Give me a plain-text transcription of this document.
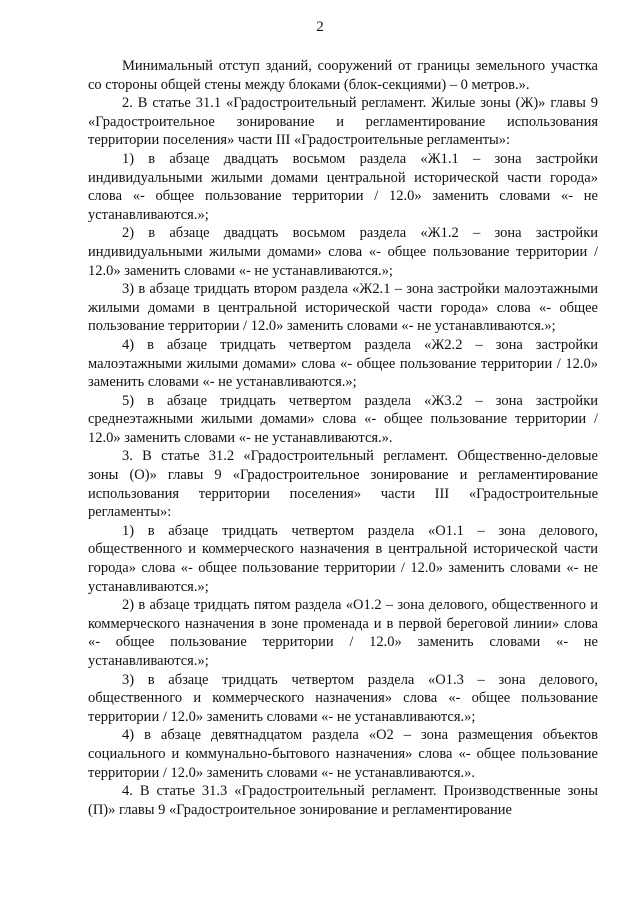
2

Минимальный отступ зданий, сооружений от границы земельного участка со стороны общей стены между блоками (блок-секциями) – 0 метров.».

2. В статье 31.1 «Градостроительный регламент. Жилые зоны (Ж)» главы 9 «Градостроительное зонирование и регламентирование использования территории поселения» части III «Градостроительные регламенты»:

1) в абзаце двадцать восьмом раздела «Ж1.1 – зона застройки индивидуальными жилыми домами центральной исторической части города» слова «- общее пользование территории / 12.0» заменить словами «- не устанавливаются.»;

2) в абзаце двадцать восьмом раздела «Ж1.2 – зона застройки индивидуальными жилыми домами» слова «- общее пользование территории / 12.0» заменить словами «- не устанавливаются.»;

3) в абзаце тридцать втором раздела «Ж2.1 – зона застройки малоэтажными жилыми домами в центральной исторической части города» слова «- общее пользование территории / 12.0» заменить словами «- не устанавливаются.»;

4) в абзаце тридцать четвертом раздела «Ж2.2 – зона застройки малоэтажными жилыми домами» слова «- общее пользование территории / 12.0» заменить словами «- не устанавливаются.»;

5) в абзаце тридцать четвертом раздела «Ж3.2 – зона застройки среднеэтажными жилыми домами» слова «- общее пользование территории / 12.0» заменить словами «- не устанавливаются.».

3. В статье 31.2 «Градостроительный регламент. Общественно-деловые зоны (О)» главы 9 «Градостроительное зонирование и регламентирование использования территории поселения» части III «Градостроительные регламенты»:

1) в абзаце тридцать четвертом раздела «О1.1 – зона делового, общественного и коммерческого назначения в центральной исторической части города» слова «- общее пользование территории / 12.0» заменить словами «- не устанавливаются.»;

2) в абзаце тридцать пятом раздела «О1.2 – зона делового, общественного и коммерческого назначения в зоне променада и в первой береговой линии» слова «- общее пользование территории / 12.0» заменить словами «- не устанавливаются.»;

3) в абзаце тридцать четвертом раздела «О1.3 – зона делового, общественного и коммерческого назначения» слова «- общее пользование территории / 12.0» заменить словами «- не устанавливаются.»;

4) в абзаце девятнадцатом раздела «О2 – зона размещения объектов социального и коммунально-бытового назначения» слова «- общее пользование территории / 12.0» заменить словами «- не устанавливаются.».

4. В статье 31.3 «Градостроительный регламент. Производственные зоны (П)» главы 9 «Градостроительное зонирование и регламентирование
